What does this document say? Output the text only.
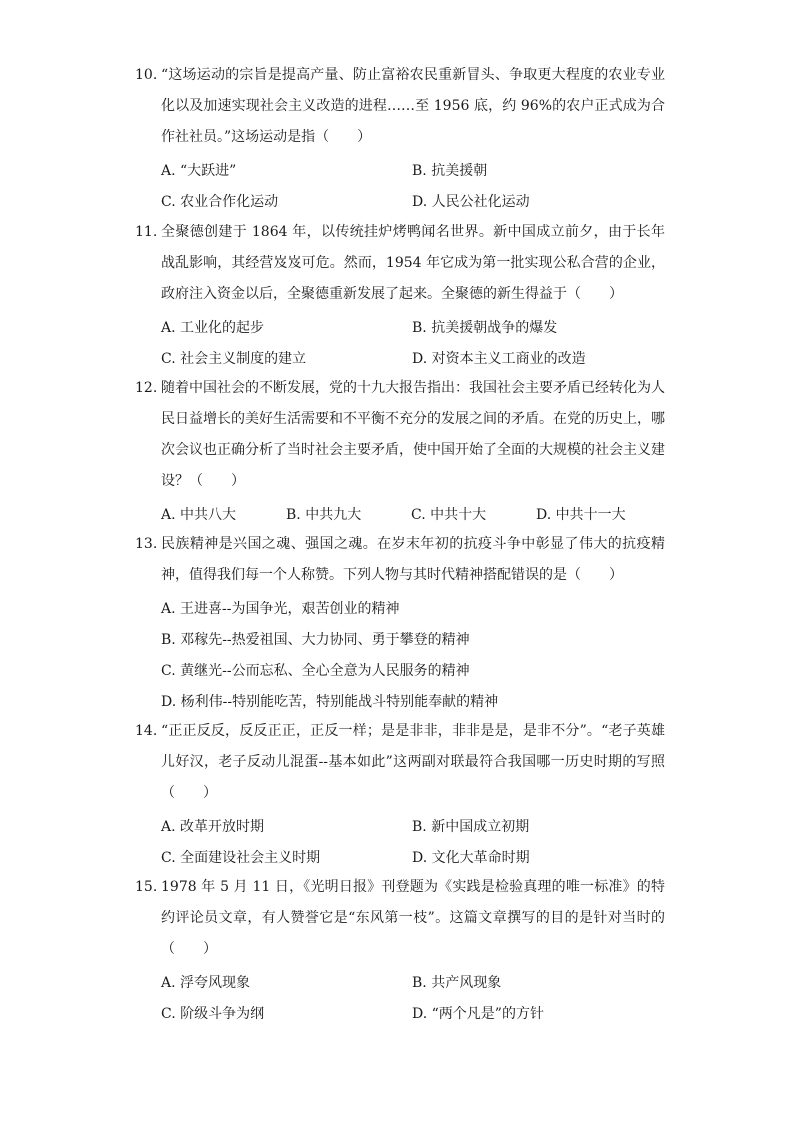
10. “这场运动的宗旨是提高产量、防止富裕农民重新冒头、争取更大程度的农业专业化以及加速实现社会主义改造的进程……至 1956 底，约 96%的农户正式成为合作社社员。”这场运动是指（　　）
A. “大跃进”	B. 抗美援朝
C. 农业合作化运动	D. 人民公社化运动
11. 全聚德创建于 1864 年，以传统挂炉烤鸭闻名世界。新中国成立前夕，由于长年战乱影响，其经营岌岌可危。然而，1954 年它成为第一批实现公私合营的企业，政府注入资金以后，全聚德重新发展了起来。全聚德的新生得益于（　　）
A. 工业化的起步	B. 抗美援朝战争的爆发
C. 社会主义制度的建立	D. 对资本主义工商业的改造
12. 随着中国社会的不断发展，党的十九大报告指出：我国社会主要矛盾已经转化为人民日益增长的美好生活需要和不平衡不充分的发展之间的矛盾。在党的历史上，哪次会议也正确分析了当时社会主要矛盾，使中国开始了全面的大规模的社会主义建设？（　　）
A. 中共八大	B. 中共九大	C. 中共十大	D. 中共十一大
13. 民族精神是兴国之魂、强国之魂。在岁末年初的抗疫斗争中彰显了伟大的抗疫精神，值得我们每一个人称赞。下列人物与其时代精神搭配错误的是（　　）
A. 王进喜--为国争光，艰苦创业的精神
B. 邓稼先--热爱祖国、大力协同、勇于攀登的精神
C. 黄继光--公而忘私、全心全意为人民服务的精神
D. 杨利伟--特别能吃苦，特别能战斗特别能奉献的精神
14. “正正反反，反反正正，正反一样；是是非非，非非是是，是非不分”。“老子英雄儿好汉，老子反动儿混蛋--基本如此”这两副对联最符合我国哪一历史时期的写照（　　）
A. 改革开放时期	B. 新中国成立初期
C. 全面建设社会主义时期	D. 文化大革命时期
15. 1978 年 5 月 11 日，《光明日报》刊登题为《实践是检验真理的唯一标准》的特约评论员文章，有人赞誉它是“东风第一枝”。这篇文章撰写的目的是针对当时的（　　）
A. 浮夸风现象	B. 共产风现象
C. 阶级斗争为纲	D. “两个凡是”的方针
